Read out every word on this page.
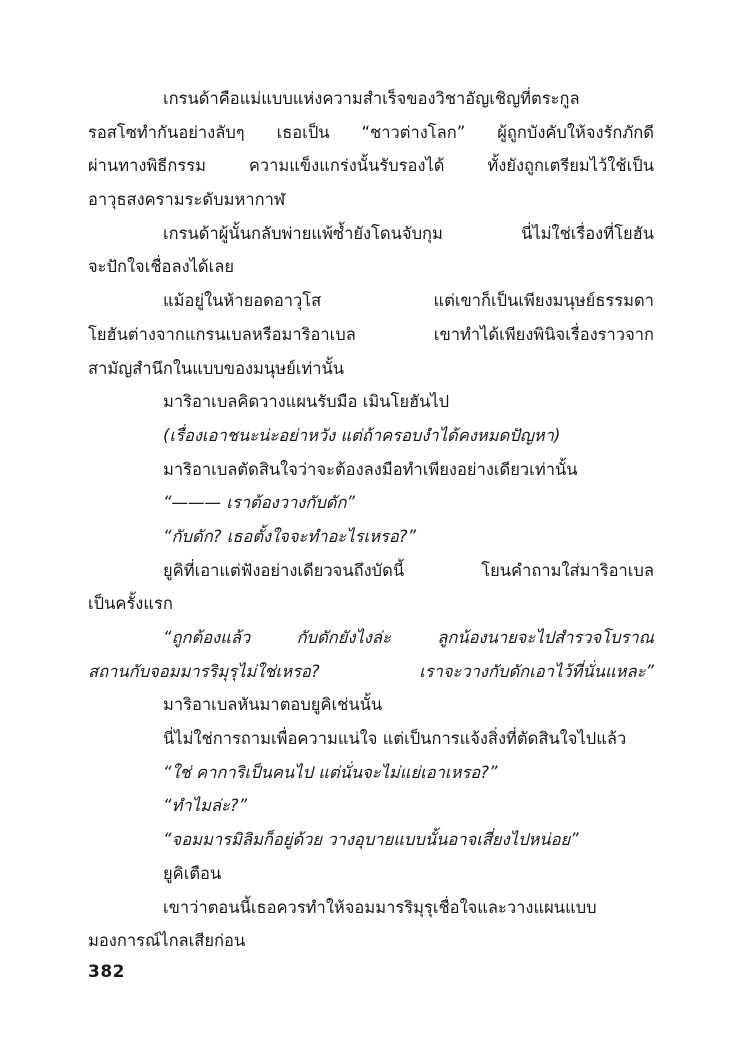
เกรนด้าคือแม่แบบแห่งความสำเร็จของวิชาอัญเชิญที่ตระกูล
รอสโซทำกันอย่างลับๆ เธอเป็น “ชาวต่างโลก” ผู้ถูกบังคับให้จงรักภักดี
ผ่านทางพิธีกรรม ความแข็งแกร่งนั้นรับรองได้ ทั้งยังถูกเตรียมไว้ใช้เป็น
อาวุธสงครามระดับมหากาฬ
เกรนด้าผู้นั้นกลับพ่ายแพ้ซ้ำยังโดนจับกุม นี่ไม่ใช่เรื่องที่โยฮัน
จะปักใจเชื่อลงได้เลย
แม้อยู่ในห้ายอดอาวุโส แต่เขาก็เป็นเพียงมนุษย์ธรรมดา
โยฮันต่างจากแกรนเบลหรือมาริอาเบล เขาทำได้เพียงพินิจเรื่องราวจาก
สามัญสำนึกในแบบของมนุษย์เท่านั้น
มาริอาเบลคิดวางแผนรับมือ เมินโยฮันไป
(เรื่องเอาชนะน่ะอย่าหวัง แต่ถ้าครอบงำได้คงหมดปัญหา)
มาริอาเบลตัดสินใจว่าจะต้องลงมือทำเพียงอย่างเดียวเท่านั้น
“——— เราต้องวางกับดัก”
“กับดัก? เธอตั้งใจจะทำอะไรเหรอ?”
ยูคิที่เอาแต่ฟังอย่างเดียวจนถึงบัดนี้ โยนคำถามใส่มาริอาเบล
เป็นครั้งแรก
“ถูกต้องแล้ว กับดักยังไงล่ะ ลูกน้องนายจะไปสำรวจโบราณ
สถานกับจอมมารริมุรุไม่ใช่เหรอ? เราจะวางกับดักเอาไว้ที่นั่นแหละ”
มาริอาเบลหันมาตอบยูคิเช่นนั้น
นี่ไม่ใช่การถามเพื่อความแน่ใจ แต่เป็นการแจ้งสิ่งที่ตัดสินใจไปแล้ว
“ใช่ คาการิเป็นคนไป แต่นั่นจะไม่แย่เอาเหรอ?”
“ทำไมล่ะ?”
“จอมมารมิลิมก็อยู่ด้วย วางอุบายแบบนั้นอาจเสี่ยงไปหน่อย”
ยูคิเตือน
เขาว่าตอนนี้เธอควรทำให้จอมมารริมุรุเชื่อใจและวางแผนแบบ
มองการณ์ไกลเสียก่อน
382
